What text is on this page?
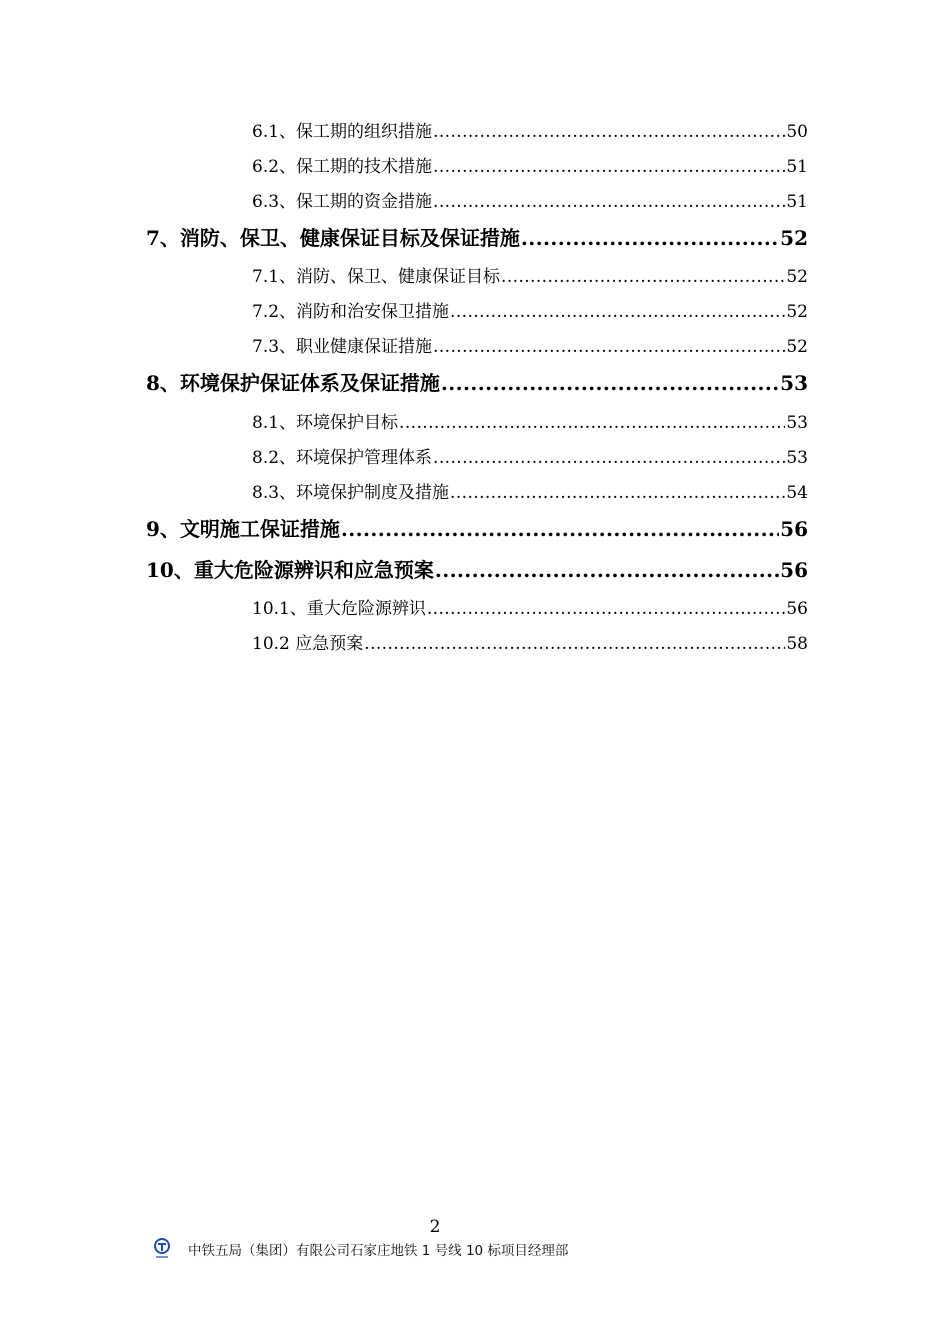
6.1、保工期的组织措施 .....	50
6.2、保工期的技术措施 .....	51
6.3、保工期的资金措施 .....	51
7、消防、保卫、健康保证目标及保证措施 .....	52
7.1、消防、保卫、健康保证目标 .....	52
7.2、消防和治安保卫措施 .....	52
7.3、职业健康保证措施 .....	52
8、环境保护保证体系及保证措施 .....	53
8.1、环境保护目标 .....	53
8.2、环境保护管理体系 .....	53
8.3、环境保护制度及措施 .....	54
9、文明施工保证措施 .....	56
10、重大危险源辨识和应急预案 .....	56
10.1、重大危险源辨识 .....	56
10.2 应急预案 .....	58
2
中铁五局（集团）有限公司石家庄地铁 1 号线 10 标项目经理部
